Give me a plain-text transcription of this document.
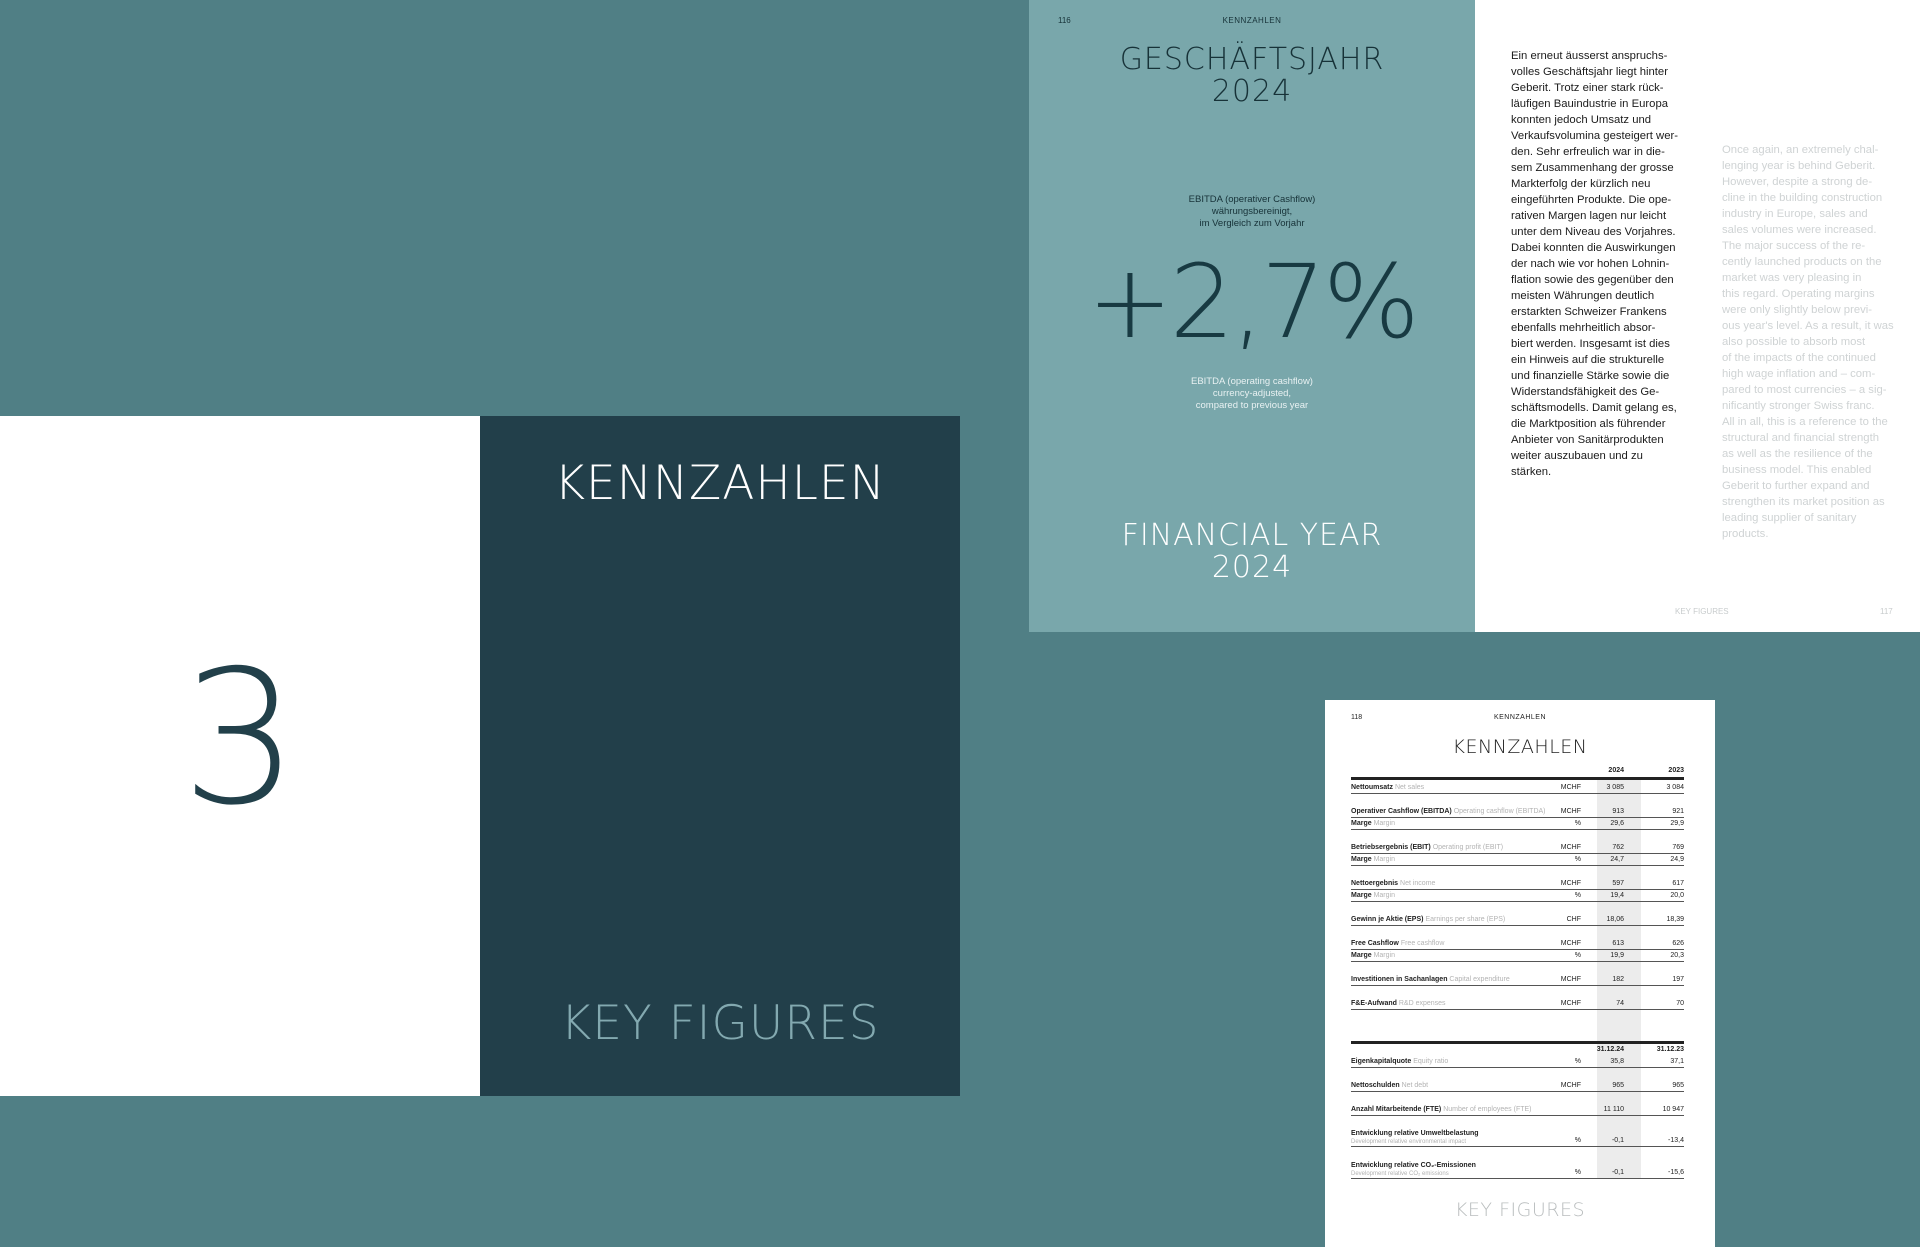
3
KENNZAHLEN
KEY FIGURES
116	KENNZAHLEN
GESCHÄFTSJAHR
2024
EBITDA (operativer Cashflow)
währungsbereinigt,
im Vergleich zum Vorjahr
+2,7%
EBITDA (operating cashflow)
currency-adjusted,
compared to previous year
FINANCIAL YEAR
2024
Ein erneut äusserst anspruchs-
volles Geschäftsjahr liegt hinter
Geberit. Trotz einer stark rück-
läufigen Bauindustrie in Europa
konnten jedoch Umsatz und
Verkaufsvolumina gesteigert wer-
den. Sehr erfreulich war in die-
sem Zusammenhang der grosse
Markterfolg der kürzlich neu
eingeführten Produkte. Die ope-
rativen Margen lagen nur leicht
unter dem Niveau des Vorjahres.
Dabei konnten die Auswirkungen
der nach wie vor hohen Lohnin-
flation sowie des gegenüber den
meisten Währungen deutlich
erstarkten Schweizer Frankens
ebenfalls mehrheitlich absor-
biert werden. Insgesamt ist dies
ein Hinweis auf die strukturelle
und finanzielle Stärke sowie die
Widerstandsfähigkeit des Ge-
schäftsmodells. Damit gelang es,
die Marktposition als führender
Anbieter von Sanitärprodukten
weiter auszubauen und zu
stärken.
Once again, an extremely chal-
lenging year is behind Geberit.
However, despite a strong de-
cline in the building construction
industry in Europe, sales and
sales volumes were increased.
The major success of the re-
cently launched products on the
market was very pleasing in
this regard. Operating margins
were only slightly below previ-
ous year's level. As a result, it was
also possible to absorb most
of the impacts of the continued
high wage inflation and – com-
pared to most currencies – a sig-
nificantly stronger Swiss franc.
All in all, this is a reference to the
structural and financial strength
as well as the resilience of the
business model. This enabled
Geberit to further expand and
strengthen its market position as
leading supplier of sanitary
products.
KEY FIGURES	117
118	KENNZAHLEN
KENNZAHLEN
KEY FIGURES
2024	2023
Nettoumsatz Net sales	MCHF	3 085	3 084
Operativer Cashflow (EBITDA) Operating cashflow (EBITDA)	MCHF	913	921
Marge Margin	%	29,6	29,9
Betriebsergebnis (EBIT) Operating profit (EBIT)	MCHF	762	769
Marge Margin	%	24,7	24,9
Nettoergebnis Net income	MCHF	597	617
Marge Margin	%	19,4	20,0
Gewinn je Aktie (EPS) Earnings per share (EPS)	CHF	18,06	18,39
Free Cashflow Free cashflow	MCHF	613	626
Marge Margin	%	19,9	20,3
Investitionen in Sachanlagen Capital expenditure	MCHF	182	197
F&E-Aufwand R&D expenses	MCHF	74	70
31.12.24	31.12.23
Eigenkapitalquote Equity ratio	%	35,8	37,1
Nettoschulden Net debt	MCHF	965	965
Anzahl Mitarbeitende (FTE) Number of employees (FTE)	11 110	10 947
Entwicklung relative Umweltbelastung
Development relative environmental impact	%	-0,1	-13,4
Entwicklung relative CO₂-Emissionen
Development relative CO₂ emissions	%	-0,1	-15,6
